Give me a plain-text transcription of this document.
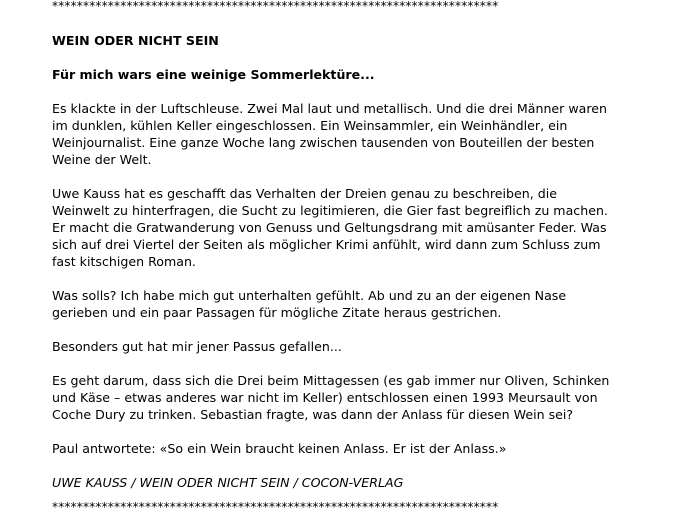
************************************************************************
WEIN ODER NICHT SEIN
Für mich wars eine weinige Sommerlektüre...
Es klackte in der Luftschleuse. Zwei Mal laut und metallisch. Und die drei Männer waren
im dunklen, kühlen Keller eingeschlossen. Ein Weinsammler, ein Weinhändler, ein
Weinjournalist. Eine ganze Woche lang zwischen tausenden von Bouteillen der besten
Weine der Welt.
Uwe Kauss hat es geschafft das Verhalten der Dreien genau zu beschreiben, die
Weinwelt zu hinterfragen, die Sucht zu legitimieren, die Gier fast begreiflich zu machen.
Er macht die Gratwanderung von Genuss und Geltungsdrang mit amüsanter Feder. Was
sich auf drei Viertel der Seiten als möglicher Krimi anfühlt, wird dann zum Schluss zum
fast kitschigen Roman.
Was solls? Ich habe mich gut unterhalten gefühlt. Ab und zu an der eigenen Nase
gerieben und ein paar Passagen für mögliche Zitate heraus gestrichen.
Besonders gut hat mir jener Passus gefallen...
Es geht darum, dass sich die Drei beim Mittagessen (es gab immer nur Oliven, Schinken
und Käse – etwas anderes war nicht im Keller) entschlossen einen 1993 Meursault von
Coche Dury zu trinken. Sebastian fragte, was dann der Anlass für diesen Wein sei?
Paul antwortete: «So ein Wein braucht keinen Anlass. Er ist der Anlass.»
UWE KAUSS / WEIN ODER NICHT SEIN / COCON-VERLAG
************************************************************************
